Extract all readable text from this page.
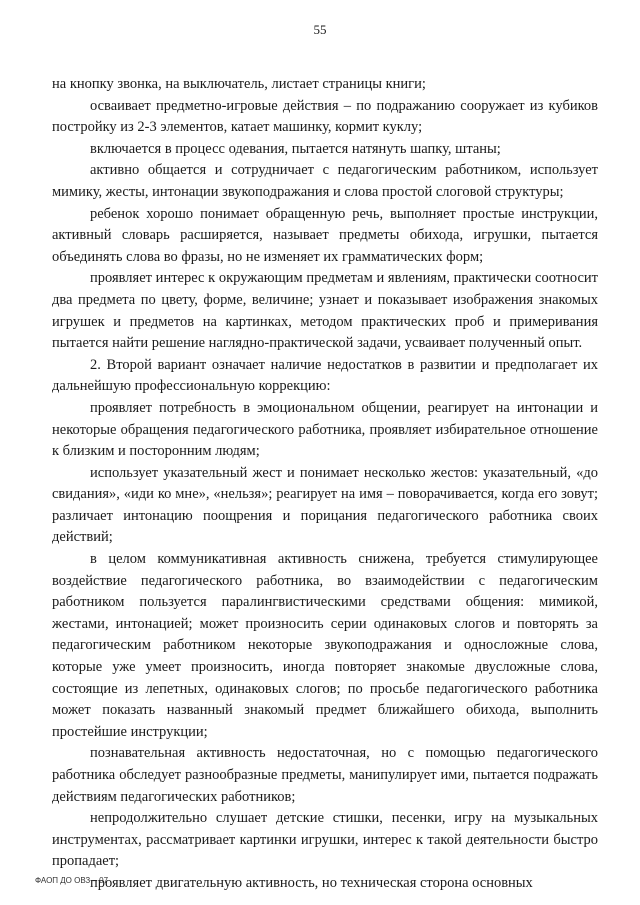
55

на кнопку звонка, на выключатель, листает страницы книги;

осваивает предметно-игровые действия – по подражанию сооружает из кубиков постройку из 2-3 элементов, катает машинку, кормит куклу;

включается в процесс одевания, пытается натянуть шапку, штаны;

активно общается и сотрудничает с педагогическим работником, использует мимику, жесты, интонации звукоподражания и слова простой слоговой структуры;

ребенок хорошо понимает обращенную речь, выполняет простые инструкции, активный словарь расширяется, называет предметы обихода, игрушки, пытается объединять слова во фразы, но не изменяет их грамматических форм;

проявляет интерес к окружающим предметам и явлениям, практически соотносит два предмета по цвету, форме, величине; узнает и показывает изображения знакомых игрушек и предметов на картинках, методом практических проб и примеривания пытается найти решение наглядно-практической задачи, усваивает полученный опыт.

2. Второй вариант означает наличие недостатков в развитии и предполагает их дальнейшую профессиональную коррекцию:

проявляет потребность в эмоциональном общении, реагирует на интонации и некоторые обращения педагогического работника, проявляет избирательное отношение к близким и посторонним людям;

использует указательный жест и понимает несколько жестов: указательный, «до свидания», «иди ко мне», «нельзя»; реагирует на имя – поворачивается, когда его зовут; различает интонацию поощрения и порицания педагогического работника своих действий;

в целом коммуникативная активность снижена, требуется стимулирующее воздействие педагогического работника, во взаимодействии с педагогическим работником пользуется паралингвистическими средствами общения: мимикой, жестами, интонацией; может произносить серии одинаковых слогов и повторять за педагогическим работником некоторые звукоподражания и односложные слова, которые уже умеет произносить, иногда повторяет знакомые двусложные слова, состоящие из лепетных, одинаковых слогов; по просьбе педагогического работника может показать названный знакомый предмет ближайшего обихода, выполнить простейшие инструкции;

познавательная активность недостаточная, но с помощью педагогического работника обследует разнообразные предметы, манипулирует ими, пытается подражать действиям педагогических работников;

непродолжительно слушает детские стишки, песенки, игру на музыкальных инструментах, рассматривает картинки игрушки, интерес к такой деятельности быстро пропадает;

проявляет двигательную активность, но техническая сторона основных

ФАОП ДО ОВЗ – 07
